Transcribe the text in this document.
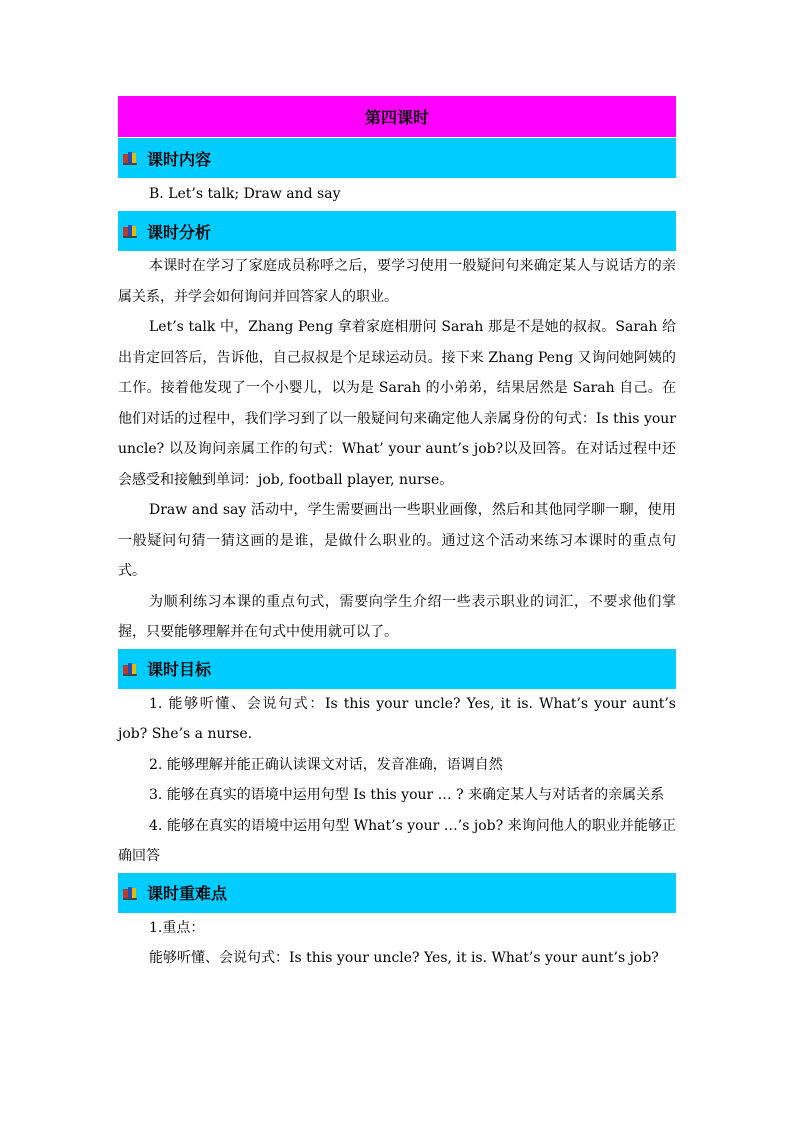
第四课时
课时内容
B. Let’s talk; Draw and say
课时分析

本课时在学习了家庭成员称呼之后，要学习使用一般疑问句来确定某人与说话方的亲属关系，并学会如何询问并回答家人的职业。

Let’s talk 中，Zhang Peng 拿着家庭相册问 Sarah 那是不是她的叔叔。Sarah 给出肯定回答后，告诉他，自己叔叔是个足球运动员。接下来 Zhang Peng 又询问她阿姨的工作。接着他发现了一个小婴儿，以为是 Sarah 的小弟弟，结果居然是 Sarah 自己。在他们对话的过程中，我们学习到了以一般疑问句来确定他人亲属身份的句式：Is this your uncle? 以及询问亲属工作的句式：What’ your aunt’s job?以及回答。在对话过程中还会感受和接触到单词：job, football player, nurse。

Draw and say 活动中，学生需要画出一些职业画像，然后和其他同学聊一聊，使用一般疑问句猜一猜这画的是谁，是做什么职业的。通过这个活动来练习本课时的重点句式。

为顺利练习本课的重点句式，需要向学生介绍一些表示职业的词汇，不要求他们掌握，只要能够理解并在句式中使用就可以了。

课时目标

1. 能够听懂、会说句式：Is this your uncle? Yes, it is. What’s your aunt’s job? She’s a nurse.

2. 能够理解并能正确认读课文对话，发音准确，语调自然

3. 能够在真实的语境中运用句型 Is this your … ? 来确定某人与对话者的亲属关系

4. 能够在真实的语境中运用句型 What’s your …’s job? 来询问他人的职业并能够正确回答

课时重难点

1.重点：

能够听懂、会说句式：Is this your uncle? Yes, it is. What’s your aunt’s job?
